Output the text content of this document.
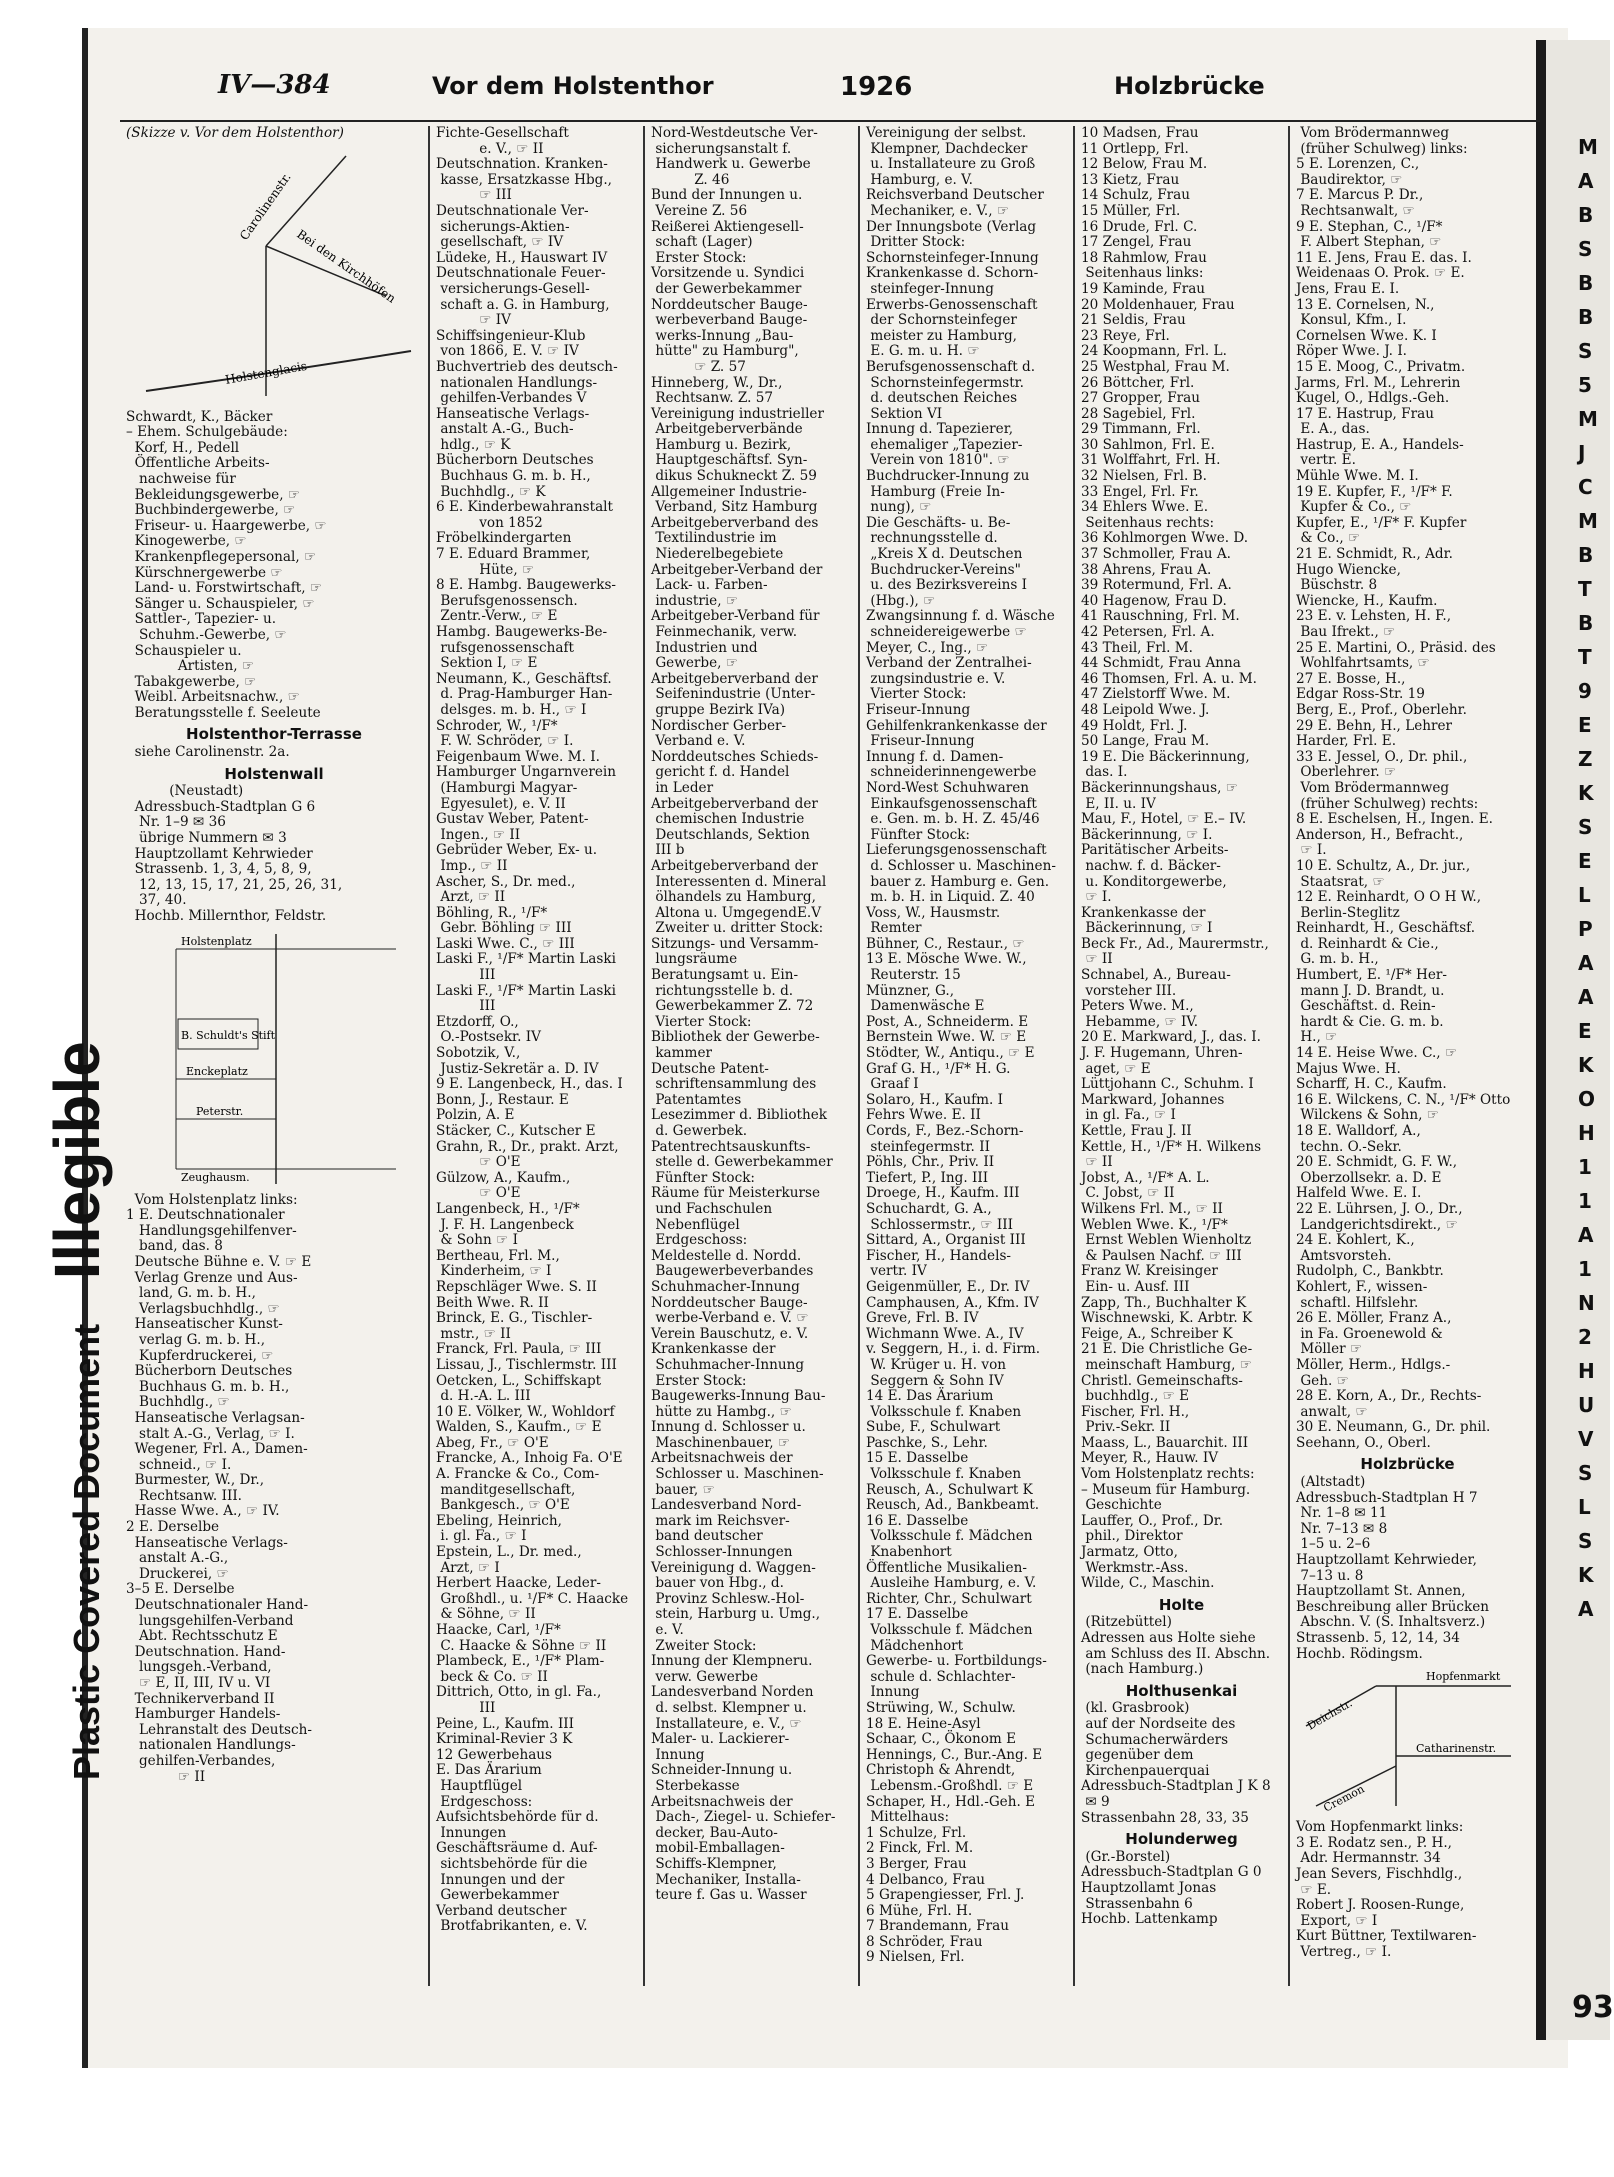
M
A
B
S
B
B
S
5
M
J
C
M
B
T
B
T
9
E
Z
K
S
E
L
P
A
A
E
K
O
H
1
1
A
1
N
2
H
U
V
S
L
S
K
A
93
Plastic Covered Document Illegible
IV—384	Vor dem Holstenthor	1926	Holzbrücke
(Skizze v. Vor dem Holstenthor)
Carolinenstr.
Bei den Kirchhöfen
Holstenglacis
Schwardt, K., Bäcker
– Ehem. Schulgebäude:
Korf, H., Pedell
Öffentliche Arbeits-
nachweise für
Bekleidungsgewerbe, ☞
Buchbindergewerbe, ☞
Friseur- u. Haargewerbe, ☞
Kinogewerbe, ☞
Krankenpflegepersonal, ☞
Kürschnergewerbe ☞
Land- u. Forstwirtschaft, ☞
Sänger u. Schauspieler, ☞
Sattler-, Tapezier- u.
Schuhm.-Gewerbe, ☞
Schauspieler u.
Artisten, ☞
Tabakgewerbe, ☞
Weibl. Arbeitsnachw., ☞
Beratungsstelle f. Seeleute
Holstenthor-Terrasse
siehe Carolinenstr. 2a.
Holstenwall
(Neustadt)
Adressbuch-Stadtplan G 6
Nr. 1–9 ✉ 36
übrige Nummern ✉ 3
Hauptzollamt Kehrwieder
Strassenb. 1, 3, 4, 5, 8, 9,
12, 13, 15, 17, 21, 25, 26, 31,
37, 40.
Hochb. Millernthor, Feldstr.
Holstenplatz
B. Schuldt's Stift
Enckeplatz
Peterstr.
Zeughausm.
Vom Holstenplatz links:
1 E. Deutschnationaler
Handlungsgehilfenver-
band, das. 8
Deutsche Bühne e. V. ☞ E
Verlag Grenze und Aus-
land, G. m. b. H.,
Verlagsbuchhdlg., ☞
Hanseatischer Kunst-
verlag G. m. b. H.,
Kupferdruckerei, ☞
Bücherborn Deutsches
Buchhaus G. m. b. H.,
Buchhdlg., ☞
Hanseatische Verlagsan-
stalt A.-G., Verlag, ☞ I.
Wegener, Frl. A., Damen-
schneid., ☞ I.
Burmester, W., Dr.,
Rechtsanw. III.
Hasse Wwe. A., ☞ IV.
2 E. Derselbe
Hanseatische Verlags-
anstalt A.-G.,
Druckerei, ☞
3–5 E. Derselbe
Deutschnationaler Hand-
lungsgehilfen-Verband
Abt. Rechtsschutz E
Deutschnation. Hand-
lungsgeh.-Verband,
☞ E, II, III, IV u. VI
Technikerverband II
Hamburger Handels-
Lehranstalt des Deutsch-
nationalen Handlungs-
gehilfen-Verbandes,
☞ II
Fichte-Gesellschaft
e. V., ☞ II
Deutschnation. Kranken-
kasse, Ersatzkasse Hbg.,
☞ III
Deutschnationale Ver-
sicherungs-Aktien-
gesellschaft, ☞ IV
Lüdeke, H., Hauswart IV
Deutschnationale Feuer-
versicherungs-Gesell-
schaft a. G. in Hamburg,
☞ IV
Schiffsingenieur-Klub
von 1866, E. V. ☞ IV
Buchvertrieb des deutsch-
nationalen Handlungs-
gehilfen-Verbandes V
Hanseatische Verlags-
anstalt A.-G., Buch-
hdlg., ☞ K
Bücherborn Deutsches
Buchhaus G. m. b. H.,
Buchhdlg., ☞ K
6 E. Kinderbewahranstalt
von 1852
Fröbelkindergarten
7 E. Eduard Brammer,
Hüte, ☞
8 E. Hambg. Baugewerks-
Berufsgenossensch.
Zentr.-Verw., ☞ E
Hambg. Baugewerks-Be-
rufsgenossenschaft
Sektion I, ☞ E
Neumann, K., Geschäftsf.
d. Prag-Hamburger Han-
delsges. m. b. H., ☞ I
Schroder, W., ¹/F*
F. W. Schröder, ☞ I.
Feigenbaum Wwe. M. I.
Hamburger Ungarnverein
(Hamburgi Magyar-
Egyesulet), e. V. II
Gustav Weber, Patent-
Ingen., ☞ II
Gebrüder Weber, Ex- u.
Imp., ☞ II
Ascher, S., Dr. med.,
Arzt, ☞ II
Böhling, R., ¹/F*
Gebr. Böhling ☞ III
Laski Wwe. C., ☞ III
Laski F., ¹/F* Martin Laski
III
Laski F., ¹/F* Martin Laski
III
Etzdorff, O.,
O.-Postsekr. IV
Sobotzik, V.,
Justiz-Sekretär a. D. IV
9 E. Langenbeck, H., das. I
Bonn, J., Restaur. E
Polzin, A. E
Stäcker, C., Kutscher E
Grahn, R., Dr., prakt. Arzt,
☞ O'E
Gülzow, A., Kaufm.,
☞ O'E
Langenbeck, H., ¹/F*
J. F. H. Langenbeck
& Sohn ☞ I
Bertheau, Frl. M.,
Kinderheim, ☞ I
Repschläger Wwe. S. II
Beith Wwe. R. II
Brinck, E. G., Tischler-
mstr., ☞ II
Franck, Frl. Paula, ☞ III
Lissau, J., Tischlermstr. III
Oetcken, L., Schiffskapt
d. H.-A. L. III
10 E. Völker, W., Wohldorf
Walden, S., Kaufm., ☞ E
Abeg, Fr., ☞ O'E
Francke, A., Inhoig Fa. O'E
A. Francke & Co., Com-
manditgesellschaft,
Bankgesch., ☞ O'E
Ebeling, Heinrich,
i. gl. Fa., ☞ I
Epstein, L., Dr. med.,
Arzt, ☞ I
Herbert Haacke, Leder-
Großhdl., u. ¹/F* C. Haacke
& Söhne, ☞ II
Haacke, Carl, ¹/F*
C. Haacke & Söhne ☞ II
Plambeck, E., ¹/F* Plam-
beck & Co. ☞ II
Dittrich, Otto, in gl. Fa.,
III
Peine, L., Kaufm. III
Kriminal-Revier 3 K
12 Gewerbehaus
E. Das Ärarium
Hauptflügel
Erdgeschoss:
Aufsichtsbehörde für d.
Innungen
Geschäftsräume d. Auf-
sichtsbehörde für die
Innungen und der
Gewerbekammer
Verband deutscher
Brotfabrikanten, e. V.
Nord-Westdeutsche Ver-
sicherungsanstalt f.
Handwerk u. Gewerbe
Z. 46
Bund der Innungen u.
Vereine Z. 56
Reißerei Aktiengesell-
schaft (Lager)
Erster Stock:
Vorsitzende u. Syndici
der Gewerbekammer
Norddeutscher Bauge-
werbeverband Bauge-
werks-Innung „Bau-
hütte" zu Hamburg",
☞ Z. 57
Hinneberg, W., Dr.,
Rechtsanw. Z. 57
Vereinigung industrieller
Arbeitgeberverbände
Hamburg u. Bezirk,
Hauptgeschäftsf. Syn-
dikus Schukneckt Z. 59
Allgemeiner Industrie-
Verband, Sitz Hamburg
Arbeitgeberverband des
Textilindustrie im
Niederelbegebiete
Arbeitgeber-Verband der
Lack- u. Farben-
industrie, ☞
Arbeitgeber-Verband für
Feinmechanik, verw.
Industrien und
Gewerbe, ☞
Arbeitgeberverband der
Seifenindustrie (Unter-
gruppe Bezirk IVa)
Nordischer Gerber-
Verband e. V.
Norddeutsches Schieds-
gericht f. d. Handel
in Leder
Arbeitgeberverband der
chemischen Industrie
Deutschlands, Sektion
III b
Arbeitgeberverband der
Interessenten d. Mineral
ölhandels zu Hamburg,
Altona u. UmgegendE.V
Zweiter u. dritter Stock:
Sitzungs- und Versamm-
lungsräume
Beratungsamt u. Ein-
richtungsstelle b. d.
Gewerbekammer Z. 72
Vierter Stock:
Bibliothek der Gewerbe-
kammer
Deutsche Patent-
schriftensammlung des
Patentamtes
Lesezimmer d. Bibliothek
d. Gewerbek.
Patentrechtsauskunfts-
stelle d. Gewerbekammer
Fünfter Stock:
Räume für Meisterkurse
und Fachschulen
Nebenflügel
Erdgeschoss:
Meldestelle d. Nordd.
Baugewerbeverbandes
Schuhmacher-Innung
Norddeutscher Bauge-
werbe-Verband e. V. ☞
Verein Bauschutz, e. V.
Krankenkasse der
Schuhmacher-Innung
Erster Stock:
Baugewerks-Innung Bau-
hütte zu Hambg., ☞
Innung d. Schlosser u.
Maschinenbauer, ☞
Arbeitsnachweis der
Schlosser u. Maschinen-
bauer, ☞
Landesverband Nord-
mark im Reichsver-
band deutscher
Schlosser-Innungen
Vereinigung d. Waggen-
bauer von Hbg., d.
Provinz Schlesw.-Hol-
stein, Harburg u. Umg.,
e. V.
Zweiter Stock:
Innung der Klempneru.
verw. Gewerbe
Landesverband Norden
d. selbst. Klempner u.
Installateure, e. V., ☞
Maler- u. Lackierer-
Innung
Schneider-Innung u.
Sterbekasse
Arbeitsnachweis der
Dach-, Ziegel- u. Schiefer-
decker, Bau-Auto-
mobil-Emballagen-
Schiffs-Klempner,
Mechaniker, Installa-
teure f. Gas u. Wasser
Vereinigung der selbst.
Klempner, Dachdecker
u. Installateure zu Groß
Hamburg, e. V.
Reichsverband Deutscher
Mechaniker, e. V., ☞
Der Innungsbote (Verlag
Dritter Stock:
Schornsteinfeger-Innung
Krankenkasse d. Schorn-
steinfeger-Innung
Erwerbs-Genossenschaft
der Schornsteinfeger
meister zu Hamburg,
E. G. m. u. H. ☞
Berufsgenossenschaft d.
Schornsteinfegermstr.
d. deutschen Reiches
Sektion VI
Innung d. Tapezierer,
ehemaliger „Tapezier-
Verein von 1810". ☞
Buchdrucker-Innung zu
Hamburg (Freie In-
nung), ☞
Die Geschäfts- u. Be-
rechnungsstelle d.
„Kreis X d. Deutschen
Buchdrucker-Vereins"
u. des Bezirksvereins I
(Hbg.), ☞
Zwangsinnung f. d. Wäsche
schneidereigewerbe ☞
Meyer, C., Ing., ☞
Verband der Zentralhei-
zungsindustrie e. V.
Vierter Stock:
Friseur-Innung
Gehilfenkrankenkasse der
Friseur-Innung
Innung f. d. Damen-
schneiderinnengewerbe
Nord-West Schuhwaren
Einkaufsgenossenschaft
e. Gen. m. b. H. Z. 45/46
Fünfter Stock:
Lieferungsgenossenschaft
d. Schlosser u. Maschinen-
bauer z. Hamburg e. Gen.
m. b. H. in Liquid. Z. 40
Voss, W., Hausmstr.
Remter
Bühner, C., Restaur., ☞
13 E. Mösche Wwe. W.,
Reuterstr. 15
Münzner, G.,
Damenwäsche E
Post, A., Schneiderm. E
Bernstein Wwe. W. ☞ E
Stödter, W., Antiqu., ☞ E
Graf G. H., ¹/F* H. G.
Graaf I
Solaro, H., Kaufm. I
Fehrs Wwe. E. II
Cords, F., Bez.-Schorn-
steinfegermstr. II
Pöhls, Chr., Priv. II
Tiefert, P., Ing. III
Droege, H., Kaufm. III
Schuchardt, G. A.,
Schlossermstr., ☞ III
Sittard, A., Organist III
Fischer, H., Handels-
vertr. IV
Geigenmüller, E., Dr. IV
Camphausen, A., Kfm. IV
Greve, Frl. B. IV
Wichmann Wwe. A., IV
v. Seggern, H., i. d. Firm.
W. Krüger u. H. von
Seggern & Sohn IV
14 E. Das Ärarium
Volksschule f. Knaben
Sube, F., Schulwart
Paschke, S., Lehr.
15 E. Dasselbe
Volksschule f. Knaben
Reusch, A., Schulwart K
Reusch, Ad., Bankbeamt.
16 E. Dasselbe
Volksschule f. Mädchen
Knabenhort
Öffentliche Musikalien-
Ausleihe Hamburg, e. V.
Richter, Chr., Schulwart
17 E. Dasselbe
Volksschule f. Mädchen
Mädchenhort
Gewerbe- u. Fortbildungs-
schule d. Schlachter-
Innung
Strüwing, W., Schulw.
18 E. Heine-Asyl
Schaar, C., Ökonom E
Hennings, C., Bur.-Ang. E
Christoph & Ahrendt,
Lebensm.-Großhdl. ☞ E
Schaper, H., Hdl.-Geh. E
Mittelhaus:
1 Schulze, Frl.
2 Finck, Frl. M.
3 Berger, Frau
4 Delbanco, Frau
5 Grapengiesser, Frl. J.
6 Mühe, Frl. H.
7 Brandemann, Frau
8 Schröder, Frau
9 Nielsen, Frl.
10 Madsen, Frau
11 Ortlepp, Frl.
12 Below, Frau M.
13 Kietz, Frau
14 Schulz, Frau
15 Müller, Frl.
16 Drude, Frl. C.
17 Zengel, Frau
18 Rahmlow, Frau
Seitenhaus links:
19 Kaminde, Frau
20 Moldenhauer, Frau
21 Seldis, Frau
23 Reye, Frl.
24 Koopmann, Frl. L.
25 Westphal, Frau M.
26 Böttcher, Frl.
27 Gropper, Frau
28 Sagebiel, Frl.
29 Timmann, Frl.
30 Sahlmon, Frl. E.
31 Wolffahrt, Frl. H.
32 Nielsen, Frl. B.
33 Engel, Frl. Fr.
34 Ehlers Wwe. E.
Seitenhaus rechts:
36 Kohlmorgen Wwe. D.
37 Schmoller, Frau A.
38 Ahrens, Frau A.
39 Rotermund, Frl. A.
40 Hagenow, Frau D.
41 Rauschning, Frl. M.
42 Petersen, Frl. A.
43 Theil, Frl. M.
44 Schmidt, Frau Anna
46 Thomsen, Frl. A. u. M.
47 Zielstorff Wwe. M.
48 Leipold Wwe. J.
49 Holdt, Frl. J.
50 Lange, Frau M.
19 E. Die Bäckerinnung,
das. I.
Bäckerinnungshaus, ☞
E, II. u. IV
Mau, F., Hotel, ☞ E.– IV.
Bäckerinnung, ☞ I.
Paritätischer Arbeits-
nachw. f. d. Bäcker-
u. Konditorgewerbe,
☞ I.
Krankenkasse der
Bäckerinnung, ☞ I
Beck Fr., Ad., Maurermstr.,
☞ II
Schnabel, A., Bureau-
vorsteher III.
Peters Wwe. M.,
Hebamme, ☞ IV.
20 E. Markward, J., das. I.
J. F. Hugemann, Uhren-
aget, ☞ E
Lüttjohann C., Schuhm. I
Markward, Johannes
in gl. Fa., ☞ I
Kettle, Frau J. II
Kettle, H., ¹/F* H. Wilkens
☞ II
Jobst, A., ¹/F* A. L.
C. Jobst, ☞ II
Wilkens Frl. M., ☞ II
Weblen Wwe. K., ¹/F*
Ernst Weblen Wienholtz
& Paulsen Nachf. ☞ III
Franz W. Kreisinger
Ein- u. Ausf. III
Zapp, Th., Buchhalter K
Wischnewski, K. Arbtr. K
Feige, A., Schreiber K
21 E. Die Christliche Ge-
meinschaft Hamburg, ☞
Christl. Gemeinschafts-
buchhdlg., ☞ E
Fischer, Frl. H.,
Priv.-Sekr. II
Maass, L., Bauarchit. III
Meyer, R., Hauw. IV
Vom Holstenplatz rechts:
– Museum für Hamburg.
Geschichte
Lauffer, O., Prof., Dr.
phil., Direktor
Jarmatz, Otto,
Werkmstr.-Ass.
Wilde, C., Maschin.
Holte
(Ritzebüttel)
Adressen aus Holte siehe
am Schluss des II. Abschn.
(nach Hamburg.)
Holthusenkai
(kl. Grasbrook)
auf der Nordseite des
Schumacherwärders
gegenüber dem
Kirchenpauerquai
Adressbuch-Stadtplan J K 8
✉ 9
Strassenbahn 28, 33, 35
Holunderweg
(Gr.-Borstel)
Adressbuch-Stadtplan G 0
Hauptzollamt Jonas
Strassenbahn 6
Hochb. Lattenkamp
Vom Brödermannweg
(früher Schulweg) links:
5 E. Lorenzen, C.,
Baudirektor, ☞
7 E. Marcus P. Dr.,
Rechtsanwalt, ☞
9 E. Stephan, C., ¹/F*
F. Albert Stephan, ☞
11 E. Jens, Frau E. das. I.
Weidenaas O. Prok. ☞ E.
Jens, Frau E. I.
13 E. Cornelsen, N.,
Konsul, Kfm., I.
Cornelsen Wwe. K. I
Röper Wwe. J. I.
15 E. Moog, C., Privatm.
Jarms, Frl. M., Lehrerin
Kugel, O., Hdlgs.-Geh.
17 E. Hastrup, Frau
E. A., das.
Hastrup, E. A., Handels-
vertr. E.
Mühle Wwe. M. I.
19 E. Kupfer, F., ¹/F* F.
Kupfer & Co., ☞
Kupfer, E., ¹/F* F. Kupfer
& Co., ☞
21 E. Schmidt, R., Adr.
Hugo Wiencke,
Büschstr. 8
Wiencke, H., Kaufm.
23 E. v. Lehsten, H. F.,
Bau Ifrekt., ☞
25 E. Martini, O., Präsid. des
Wohlfahrtsamts, ☞
27 E. Bosse, H.,
Edgar Ross-Str. 19
Berg, E., Prof., Oberlehr.
29 E. Behn, H., Lehrer
Harder, Frl. E.
33 E. Jessel, O., Dr. phil.,
Oberlehrer. ☞
Vom Brödermannweg
(früher Schulweg) rechts:
8 E. Eschelsen, H., Ingen. E.
Anderson, H., Befracht.,
☞ I.
10 E. Schultz, A., Dr. jur.,
Staatsrat, ☞
12 E. Reinhardt, O O H W.,
Berlin-Steglitz
Reinhardt, H., Geschäftsf.
d. Reinhardt & Cie.,
G. m. b. H.,
Humbert, E. ¹/F* Her-
mann J. D. Brandt, u.
Geschäftst. d. Rein-
hardt & Cie. G. m. b.
H., ☞
14 E. Heise Wwe. C., ☞
Majus Wwe. H.
Scharff, H. C., Kaufm.
16 E. Wilckens, C. N., ¹/F* Otto
Wilckens & Sohn, ☞
18 E. Walldorf, A.,
techn. O.-Sekr.
20 E. Schmidt, G. F. W.,
Oberzollsekr. a. D. E
Halfeld Wwe. E. I.
22 E. Lührsen, J. O., Dr.,
Landgerichtsdirekt., ☞
24 E. Kohlert, K.,
Amtsvorsteh.
Rudolph, C., Bankbtr.
Kohlert, F., wissen-
schaftl. Hilfslehr.
26 E. Möller, Franz A.,
in Fa. Groenewold &
Möller ☞
Möller, Herm., Hdlgs.-
Geh. ☞
28 E. Korn, A., Dr., Rechts-
anwalt, ☞
30 E. Neumann, G., Dr. phil.
Seehann, O., Oberl.
Holzbrücke
(Altstadt)
Adressbuch-Stadtplan H 7
Nr. 1–8 ✉ 11
Nr. 7–13 ✉ 8
1–5 u. 2–6
Hauptzollamt Kehrwieder,
7–13 u. 8
Hauptzollamt St. Annen,
Beschreibung aller Brücken
Abschn. V. (S. Inhaltsverz.)
Strassenb. 5, 12, 14, 34
Hochb. Rödingsm.
Deichstr.
Hopfenmarkt
Catharinenstr.
Cremon
Vom Hopfenmarkt links:
3 E. Rodatz sen., P. H.,
Adr. Hermannstr. 34
Jean Severs, Fischhdlg.,
☞ E.
Robert J. Roosen-Runge,
Export, ☞ I
Kurt Büttner, Textilwaren-
Vertreg., ☞ I.
